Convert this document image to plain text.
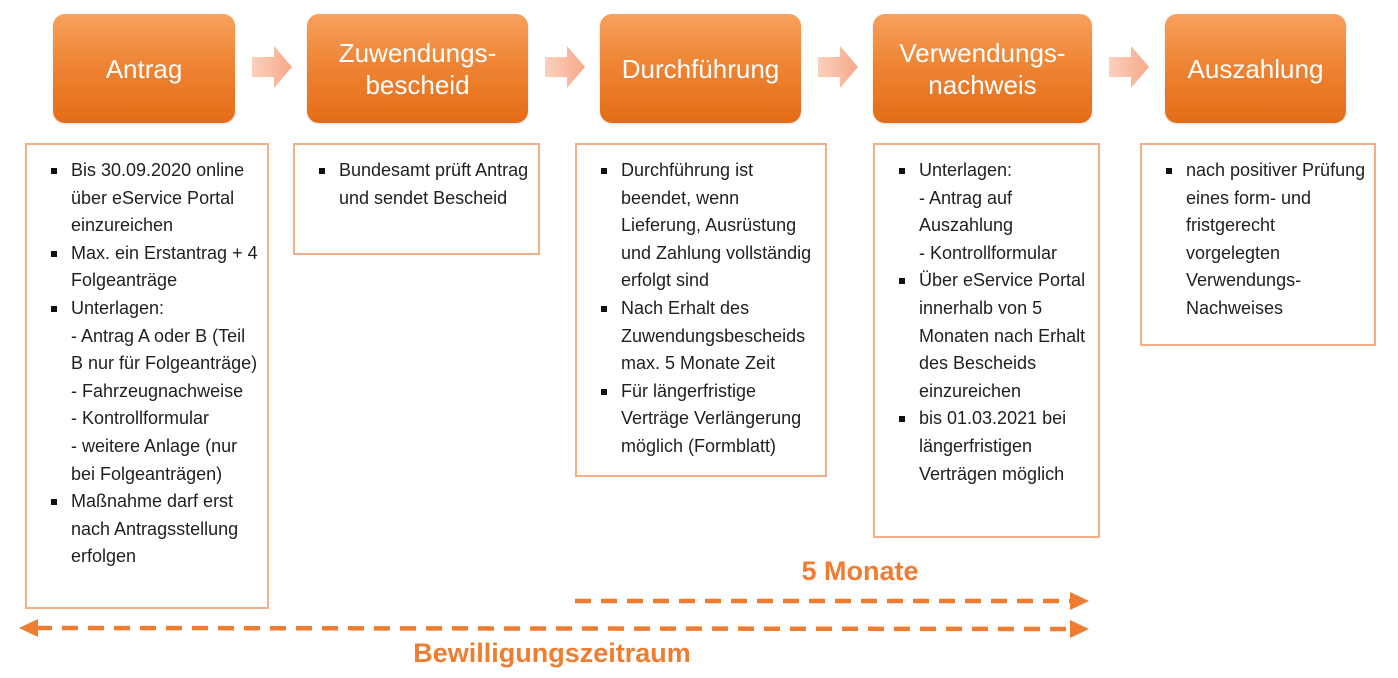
Antrag
Zuwendungs-
bescheid
Durchführung
Verwendungs-
nachweis
Auszahlung
Bis 30.09.2020 online über eService Portal einzureichen
Max. ein Erstantrag + 4 Folgeanträge
Unterlagen:
- Antrag A oder B (Teil B nur für Folgeanträge)
- Fahrzeugnachweise
- Kontrollformular
- weitere Anlage (nur bei Folgeanträgen)
Maßnahme darf erst nach Antragsstellung erfolgen
Bundesamt prüft Antrag und sendet Bescheid
Durchführung ist beendet, wenn Lieferung, Ausrüstung und Zahlung vollständig erfolgt sind
Nach Erhalt des Zuwendungsbescheids max. 5 Monate Zeit
Für längerfristige Verträge Verlängerung möglich (Formblatt)
Unterlagen:
- Antrag auf Auszahlung
- Kontrollformular
Über eService Portal innerhalb von 5 Monaten nach Erhalt des Bescheids einzureichen
bis 01.03.2021 bei längerfristigen Verträgen möglich
nach positiver Prüfung eines form- und fristgerecht vorgelegten Verwendungs-Nachweises
5 Monate
Bewilligungszeitraum
